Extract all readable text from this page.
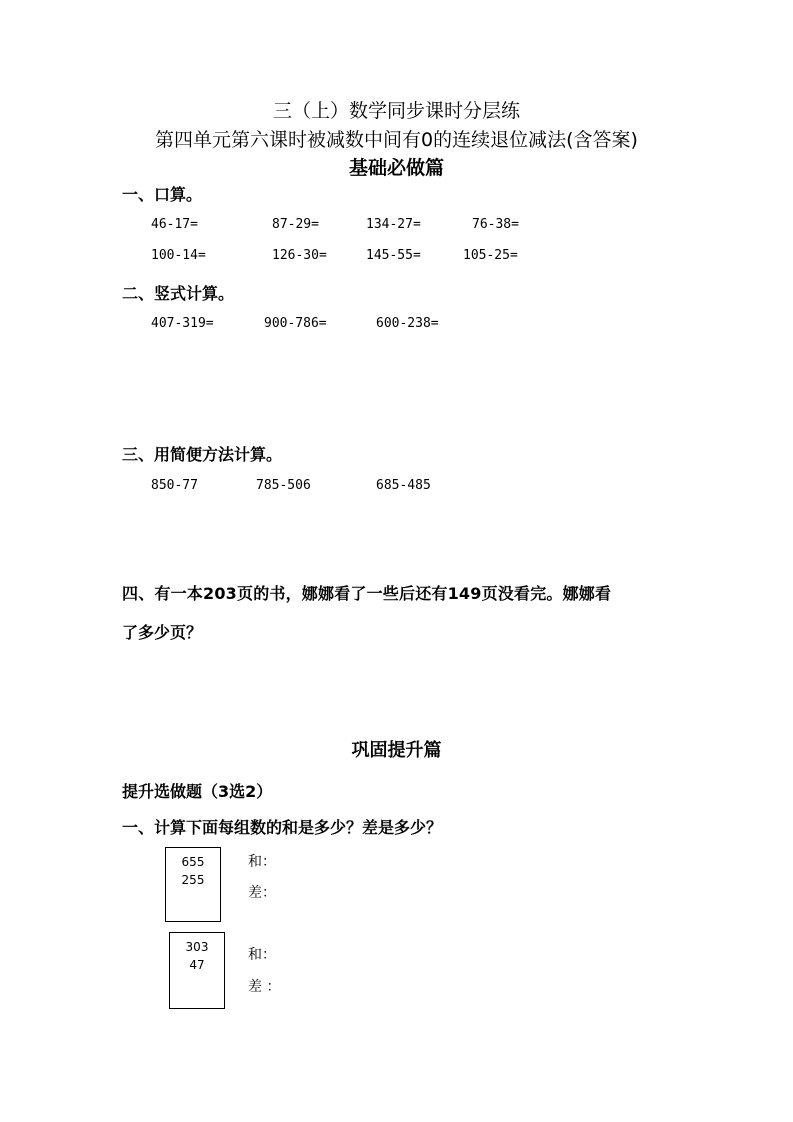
三（上）数学同步课时分层练
第四单元第六课时被减数中间有0的连续退位减法(含答案)
基础必做篇
一、口算。
46-17=	87-29=	134-27=	76-38=
100-14=	126-30=	145-55=	105-25=
二、竖式计算。
407-319=	900-786=	600-238=
三、用简便方法计算。
850-77	785-506	685-485
四、有一本203页的书，娜娜看了一些后还有149页没看完。娜娜看
了多少页？
巩固提升篇
提升选做题（3选2）
一、计算下面每组数的和是多少？差是多少？
655
255
和：
差：
303
47
和：
差 ：
